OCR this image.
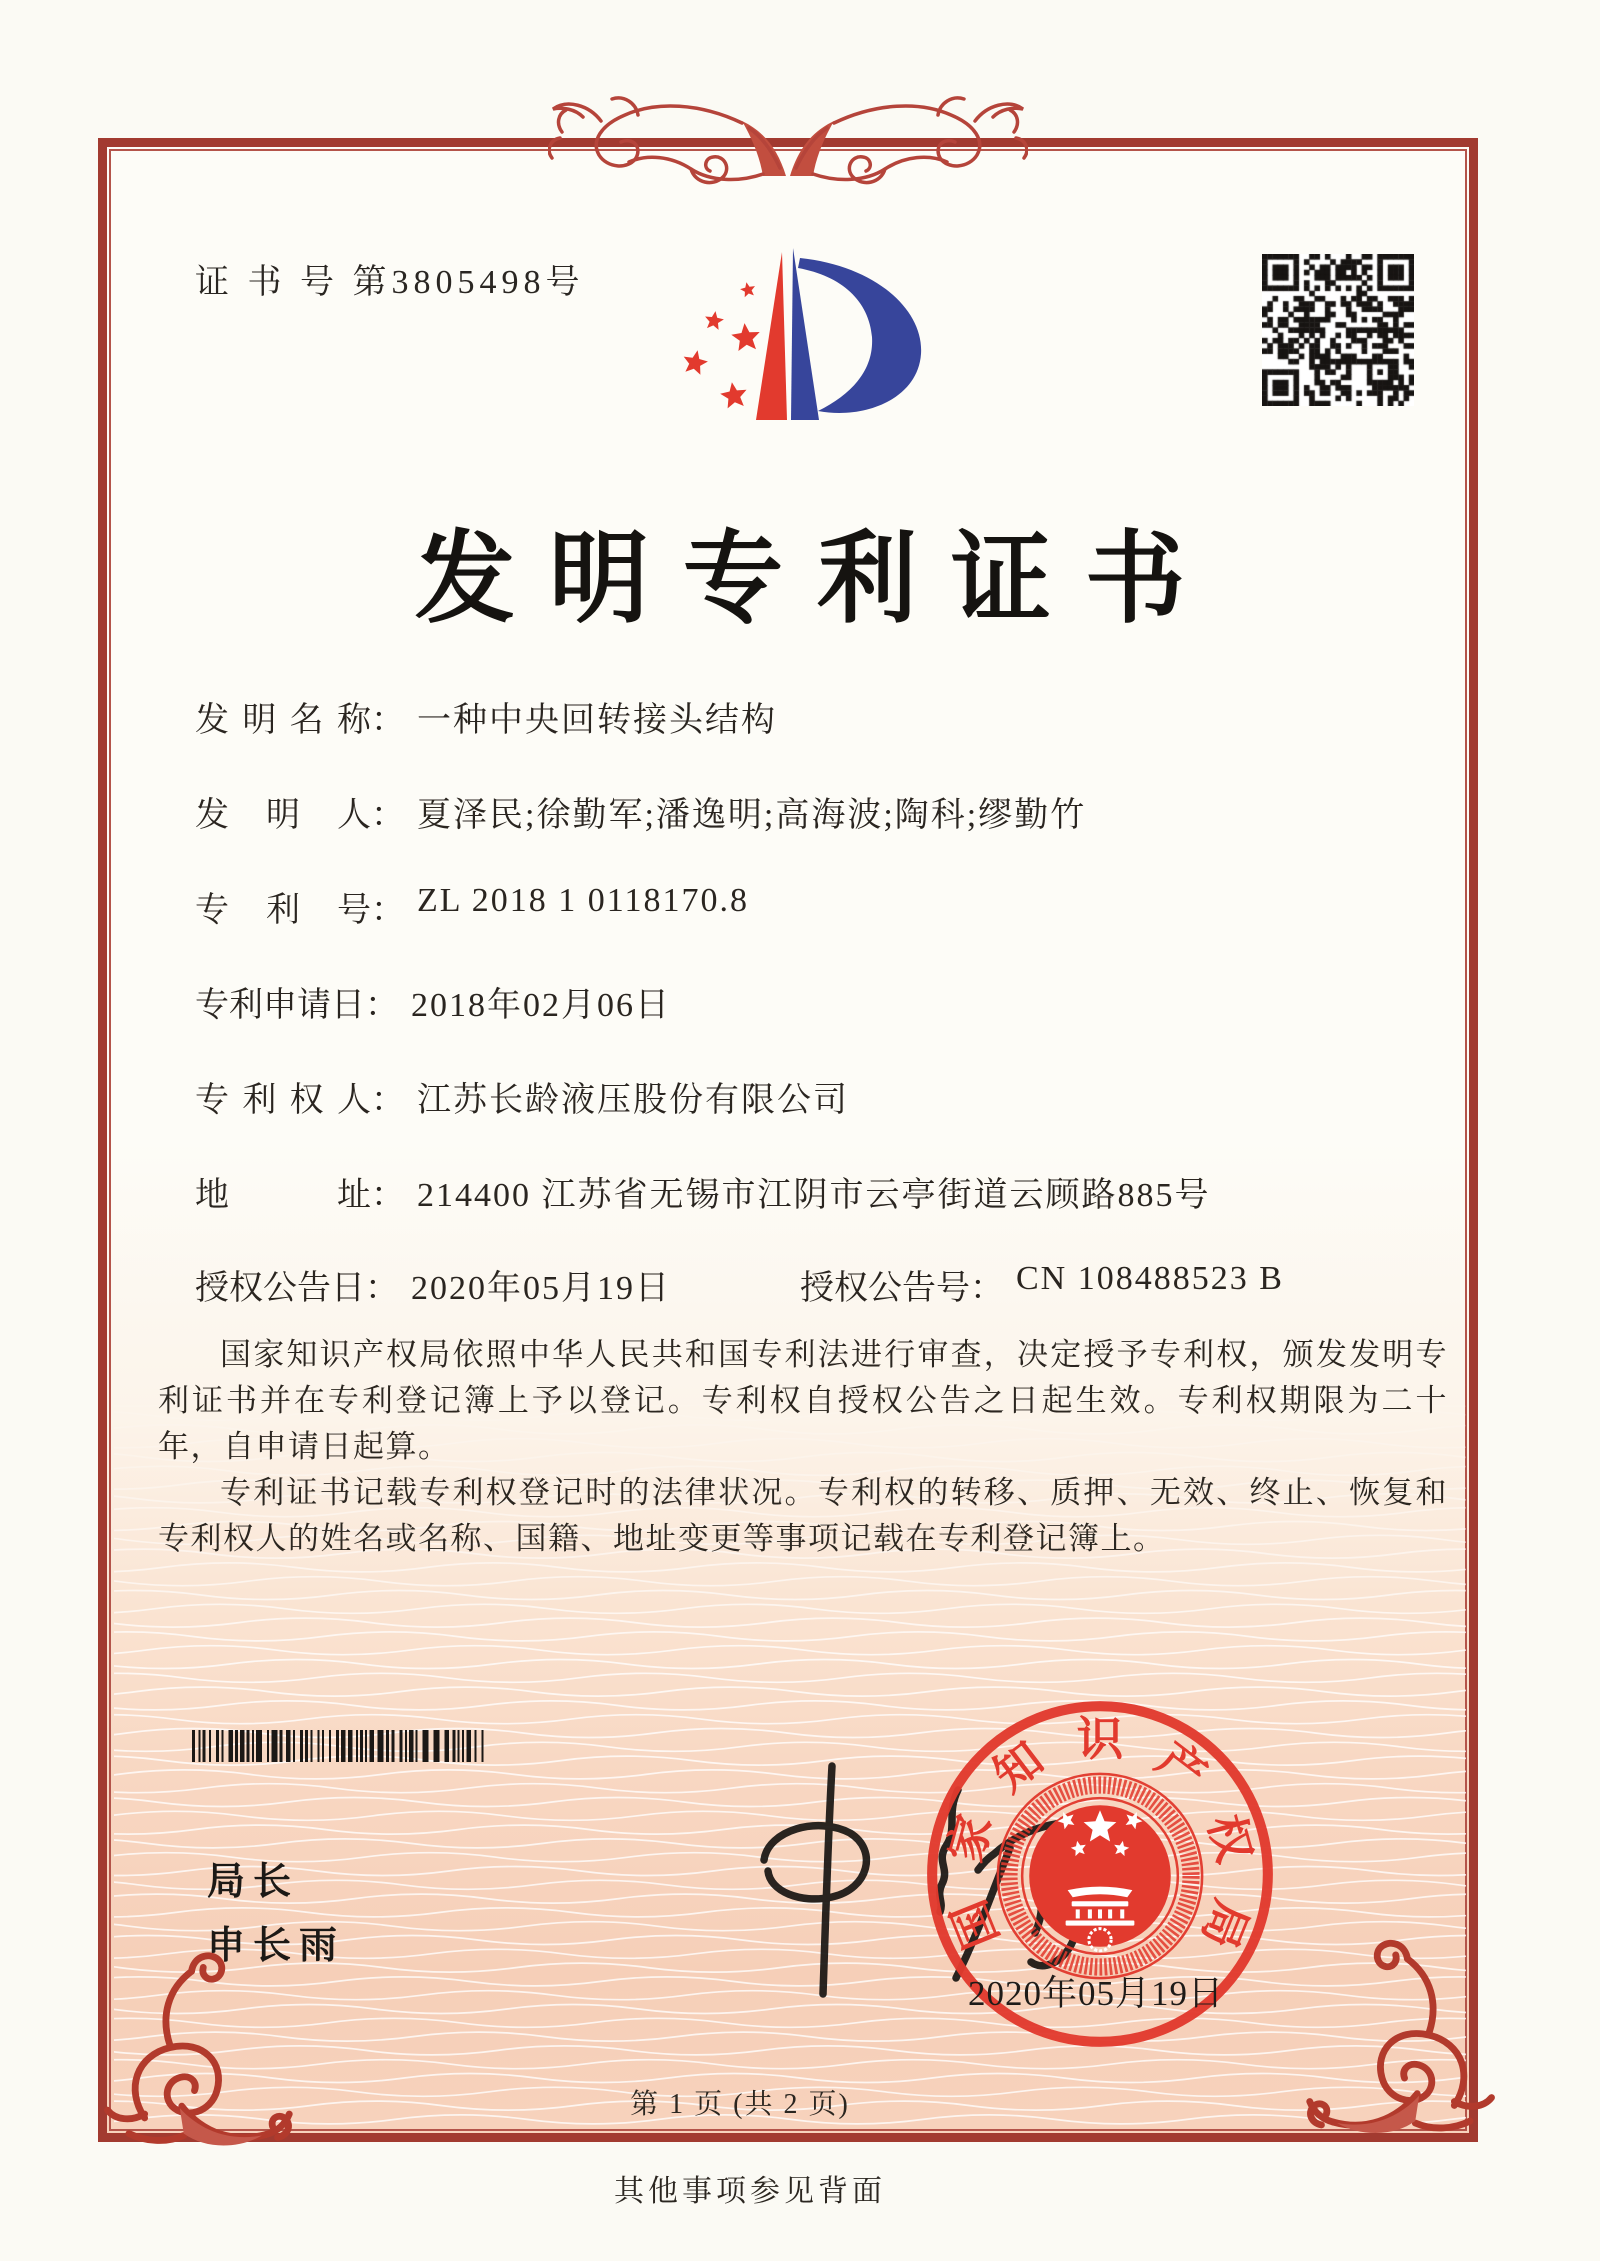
证 书 号 第3805498号
发明专利证书
发明名称： 一种中央回转接头结构
发明人： 夏泽民;徐勤军;潘逸明;高海波;陶科;缪勤竹
专利号： ZL 2018 1 0118170.8
专利申请日： 2018年02月06日
专利权人： 江苏长龄液压股份有限公司
地址： 214400 江苏省无锡市江阴市云亭街道云顾路885号
授权公告日： 2020年05月19日	授权公告号： CN 108488523 B

国家知识产权局依照中华人民共和国专利法进行审查，决定授予专利权，颁发发明专利证书并在专利登记簿上予以登记。专利权自授权公告之日起生效。专利权期限为二十年，自申请日起算。

专利证书记载专利权登记时的法律状况。专利权的转移、质押、无效、终止、恢复和专利权人的姓名或名称、国籍、地址变更等事项记载在专利登记簿上。

局长
申长雨	国
家
知 识 产
权
局
2020年05月19日
第 1 页 (共 2 页)
其他事项参见背面
